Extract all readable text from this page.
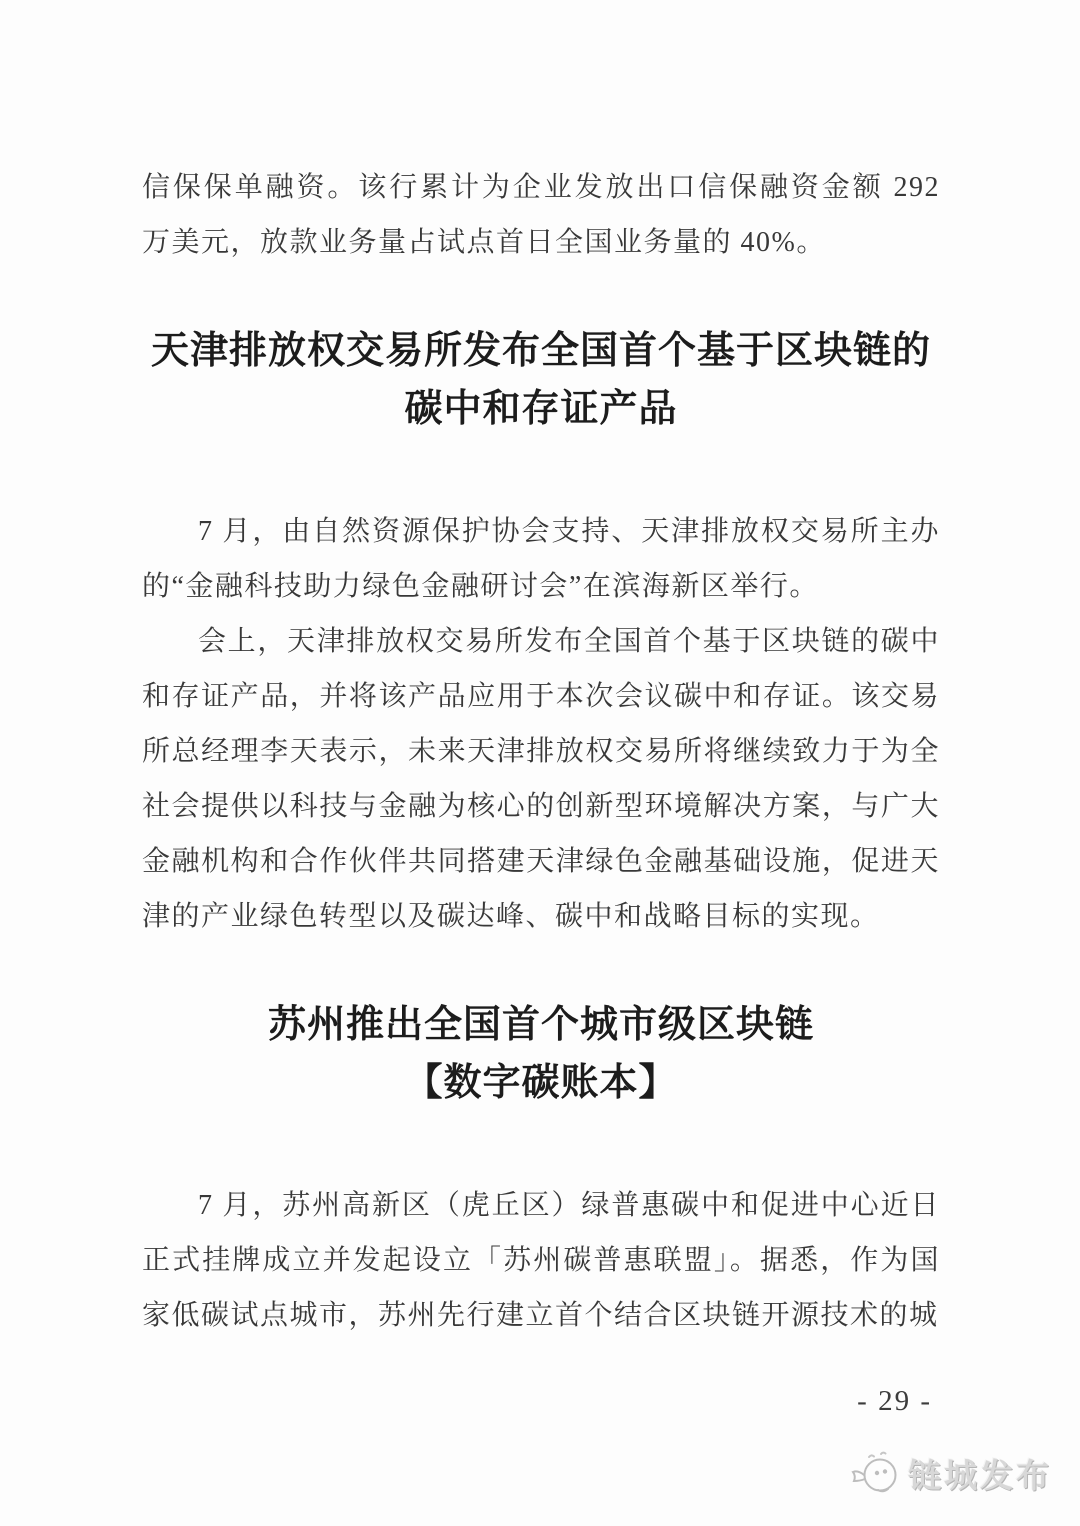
信保保单融资。该行累计为企业发放出口信保融资金额 292 万美元，放款业务量占试点首日全国业务量的 40%。

天津排放权交易所发布全国首个基于区块链的
碳中和存证产品

7 月，由自然资源保护协会支持、天津排放权交易所主办的“金融科技助力绿色金融研讨会”在滨海新区举行。

会上，天津排放权交易所发布全国首个基于区块链的碳中和存证产品，并将该产品应用于本次会议碳中和存证。该交易所总经理李天表示，未来天津排放权交易所将继续致力于为全社会提供以科技与金融为核心的创新型环境解决方案，与广大金融机构和合作伙伴共同搭建天津绿色金融基础设施，促进天津的产业绿色转型以及碳达峰、碳中和战略目标的实现。

苏州推出全国首个城市级区块链
【数字碳账本】

7 月，苏州高新区（虎丘区）绿普惠碳中和促进中心近日正式挂牌成立并发起设立「苏州碳普惠联盟」。据悉，作为国家低碳试点城市，苏州先行建立首个结合区块链开源技术的城

- 29 -
链城发布
